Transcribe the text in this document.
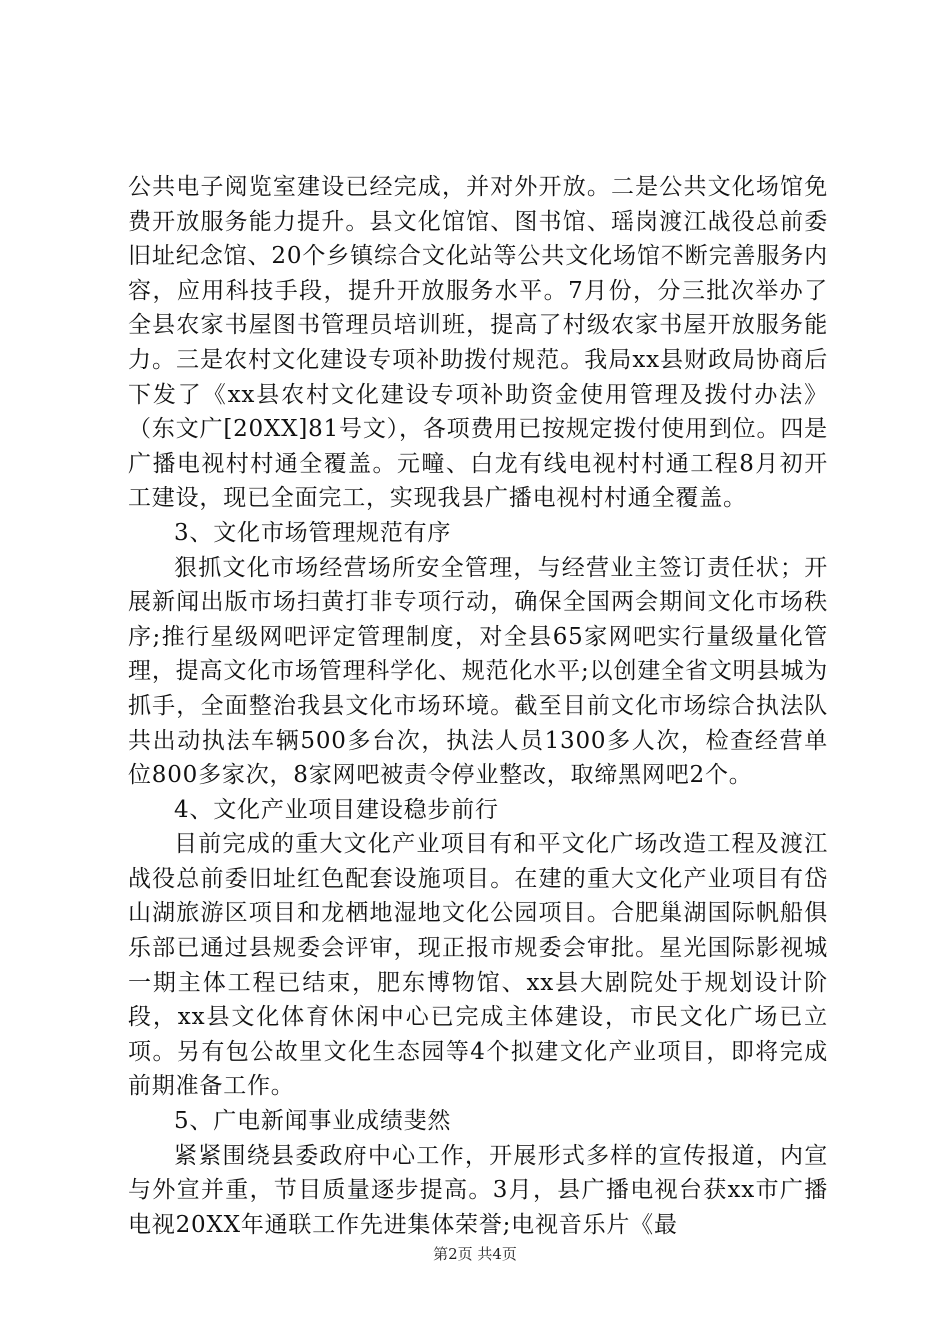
公共电子阅览室建设已经完成，并对外开放。二是公共文化场馆免费开放服务能力提升。县文化馆馆、图书馆、瑶岗渡江战役总前委旧址纪念馆、20个乡镇综合文化站等公共文化场馆不断完善服务内容，应用科技手段，提升开放服务水平。7月份，分三批次举办了全县农家书屋图书管理员培训班，提高了村级农家书屋开放服务能力。三是农村文化建设专项补助拨付规范。我局xx县财政局协商后下发了《xx县农村文化建设专项补助资金使用管理及拨付办法》（东文广[20XX]81号文），各项费用已按规定拨付使用到位。四是广播电视村村通全覆盖。元疃、白龙有线电视村村通工程8月初开工建设，现已全面完工，实现我县广播电视村村通全覆盖。

3、文化市场管理规范有序

狠抓文化市场经营场所安全管理，与经营业主签订责任状；开展新闻出版市场扫黄打非专项行动，确保全国两会期间文化市场秩序;推行星级网吧评定管理制度，对全县65家网吧实行量级量化管理，提高文化市场管理科学化、规范化水平;以创建全省文明县城为抓手，全面整治我县文化市场环境。截至目前文化市场综合执法队共出动执法车辆500多台次，执法人员1300多人次，检查经营单位800多家次，8家网吧被责令停业整改，取缔黑网吧2个。

4、文化产业项目建设稳步前行

目前完成的重大文化产业项目有和平文化广场改造工程及渡江战役总前委旧址红色配套设施项目。在建的重大文化产业项目有岱山湖旅游区项目和龙栖地湿地文化公园项目。合肥巢湖国际帆船俱乐部已通过县规委会评审，现正报市规委会审批。星光国际影视城一期主体工程已结束，肥东博物馆、xx县大剧院处于规划设计阶段，xx县文化体育休闲中心已完成主体建设，市民文化广场已立项。另有包公故里文化生态园等4个拟建文化产业项目，即将完成前期准备工作。

5、广电新闻事业成绩斐然

紧紧围绕县委政府中心工作，开展形式多样的宣传报道，内宣与外宣并重，节目质量逐步提高。3月，县广播电视台获xx市广播电视20XX年通联工作先进集体荣誉;电视音乐片《最

第2页 共4页
